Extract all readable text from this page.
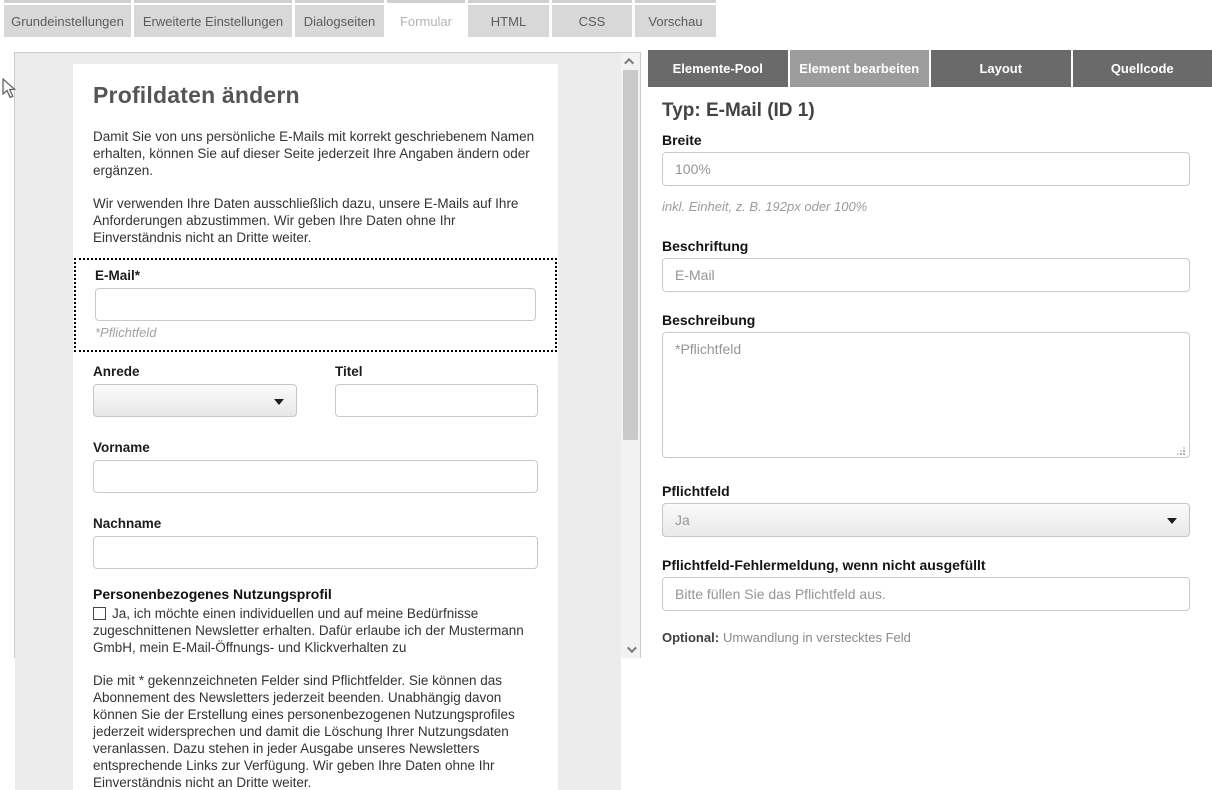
Grundeinstellungen	Erweiterte Einstellungen	Dialogseiten	Formular	HTML	CSS	Vorschau
Profildaten ändern

Damit Sie von uns persönliche E-Mails mit korrekt geschriebenem Namen erhalten, können Sie auf dieser Seite jederzeit Ihre Angaben ändern oder ergänzen.

Wir verwenden Ihre Daten ausschließlich dazu, unsere E-Mails auf Ihre Anforderungen abzustimmen. Wir geben Ihre Daten ohne Ihr Einverständnis nicht an Dritte weiter.

E-Mail*
*Pflichtfeld
Anrede	Titel
Vorname
Nachname
Personenbezogenes Nutzungsprofil
Ja, ich möchte einen individuellen und auf meine Bedürfnisse zugeschnittenen Newsletter erhalten. Dafür erlaube ich der Mustermann GmbH, mein E-Mail-Öffnungs- und Klickverhalten zu

Die mit * gekennzeichneten Felder sind Pflichtfelder. Sie können das Abonnement des Newsletters jederzeit beenden. Unabhängig davon können Sie der Erstellung eines personenbezogenen Nutzungsprofiles jederzeit widersprechen und damit die Löschung Ihrer Nutzungsdaten veranlassen. Dazu stehen in jeder Ausgabe unseres Newsletters entsprechende Links zur Verfügung. Wir geben Ihre Daten ohne Ihr Einverständnis nicht an Dritte weiter.

Elemente-Pool	Element bearbeiten	Layout	Quellcode
Typ: E-Mail (ID 1)
Breite
100%
inkl. Einheit, z. B. 192px oder 100%
Beschriftung
E-Mail
Beschreibung
*Pflichtfeld
Pflichtfeld
Ja
Pflichtfeld-Fehlermeldung, wenn nicht ausgefüllt
Bitte füllen Sie das Pflichtfeld aus.
Optional: Umwandlung in verstecktes Feld
